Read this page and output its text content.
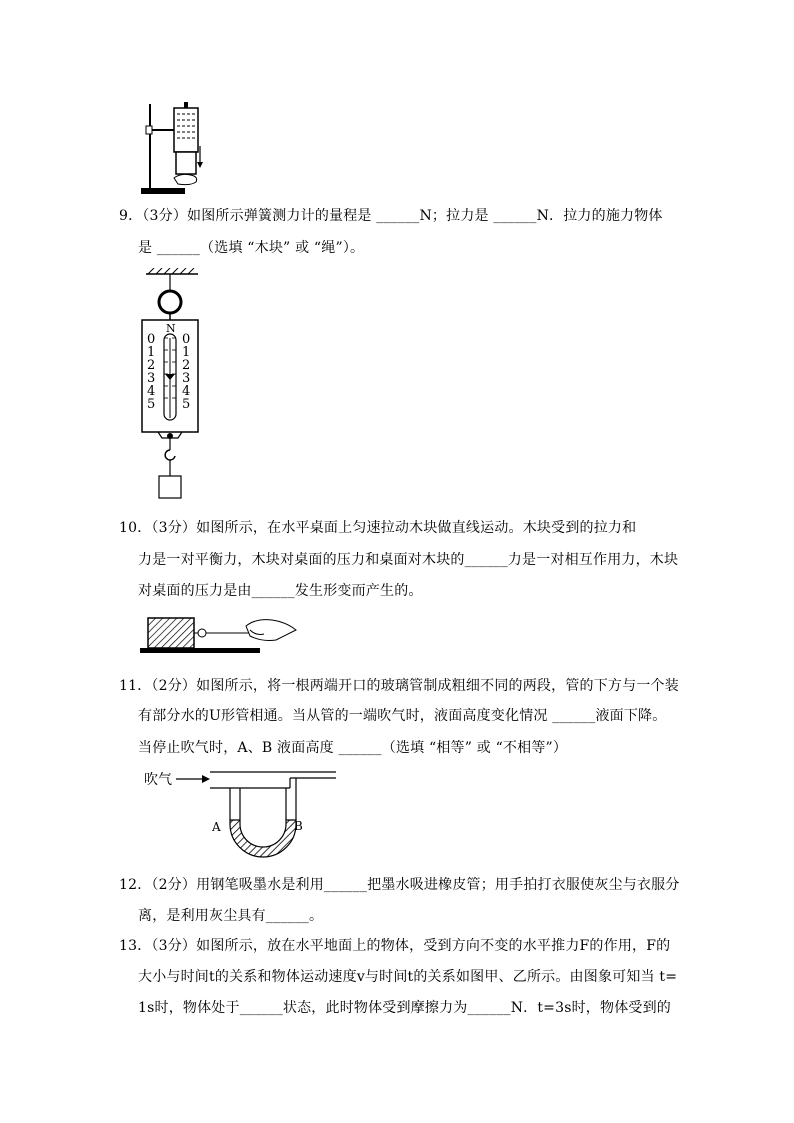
9．（3分）如图所示弹簧测力计的量程是 ______N；拉力是 ______N．拉力的施力物体
是 ______（选填 “木块” 或 “绳”）。
N
0
1
2
3
4
5
0
1
2
3
4
5
10．（3分）如图所示，在水平桌面上匀速拉动木块做直线运动。木块受到的拉力和
力是一对平衡力，木块对桌面的压力和桌面对木块的______力是一对相互作用力，木块
对桌面的压力是由______发生形变而产生的。
11．（2分）如图所示，将一根两端开口的玻璃管制成粗细不同的两段，管的下方与一个装
有部分水的U形管相通。当从管的一端吹气时，液面高度变化情况 ______液面下降。
当停止吹气时，A、B 液面高度 ______（选填 “相等” 或 “不相等”）
吹气
A	B
12．（2分）用钢笔吸墨水是利用______把墨水吸进橡皮管；用手拍打衣服使灰尘与衣服分
离，是利用灰尘具有______。
13．（3分）如图所示，放在水平地面上的物体，受到方向不变的水平推力F的作用，F的
大小与时间t的关系和物体运动速度v与时间t的关系如图甲、乙所示。由图象可知当 t=
1s时，物体处于______状态，此时物体受到摩擦力为______N．t=3s时，物体受到的
